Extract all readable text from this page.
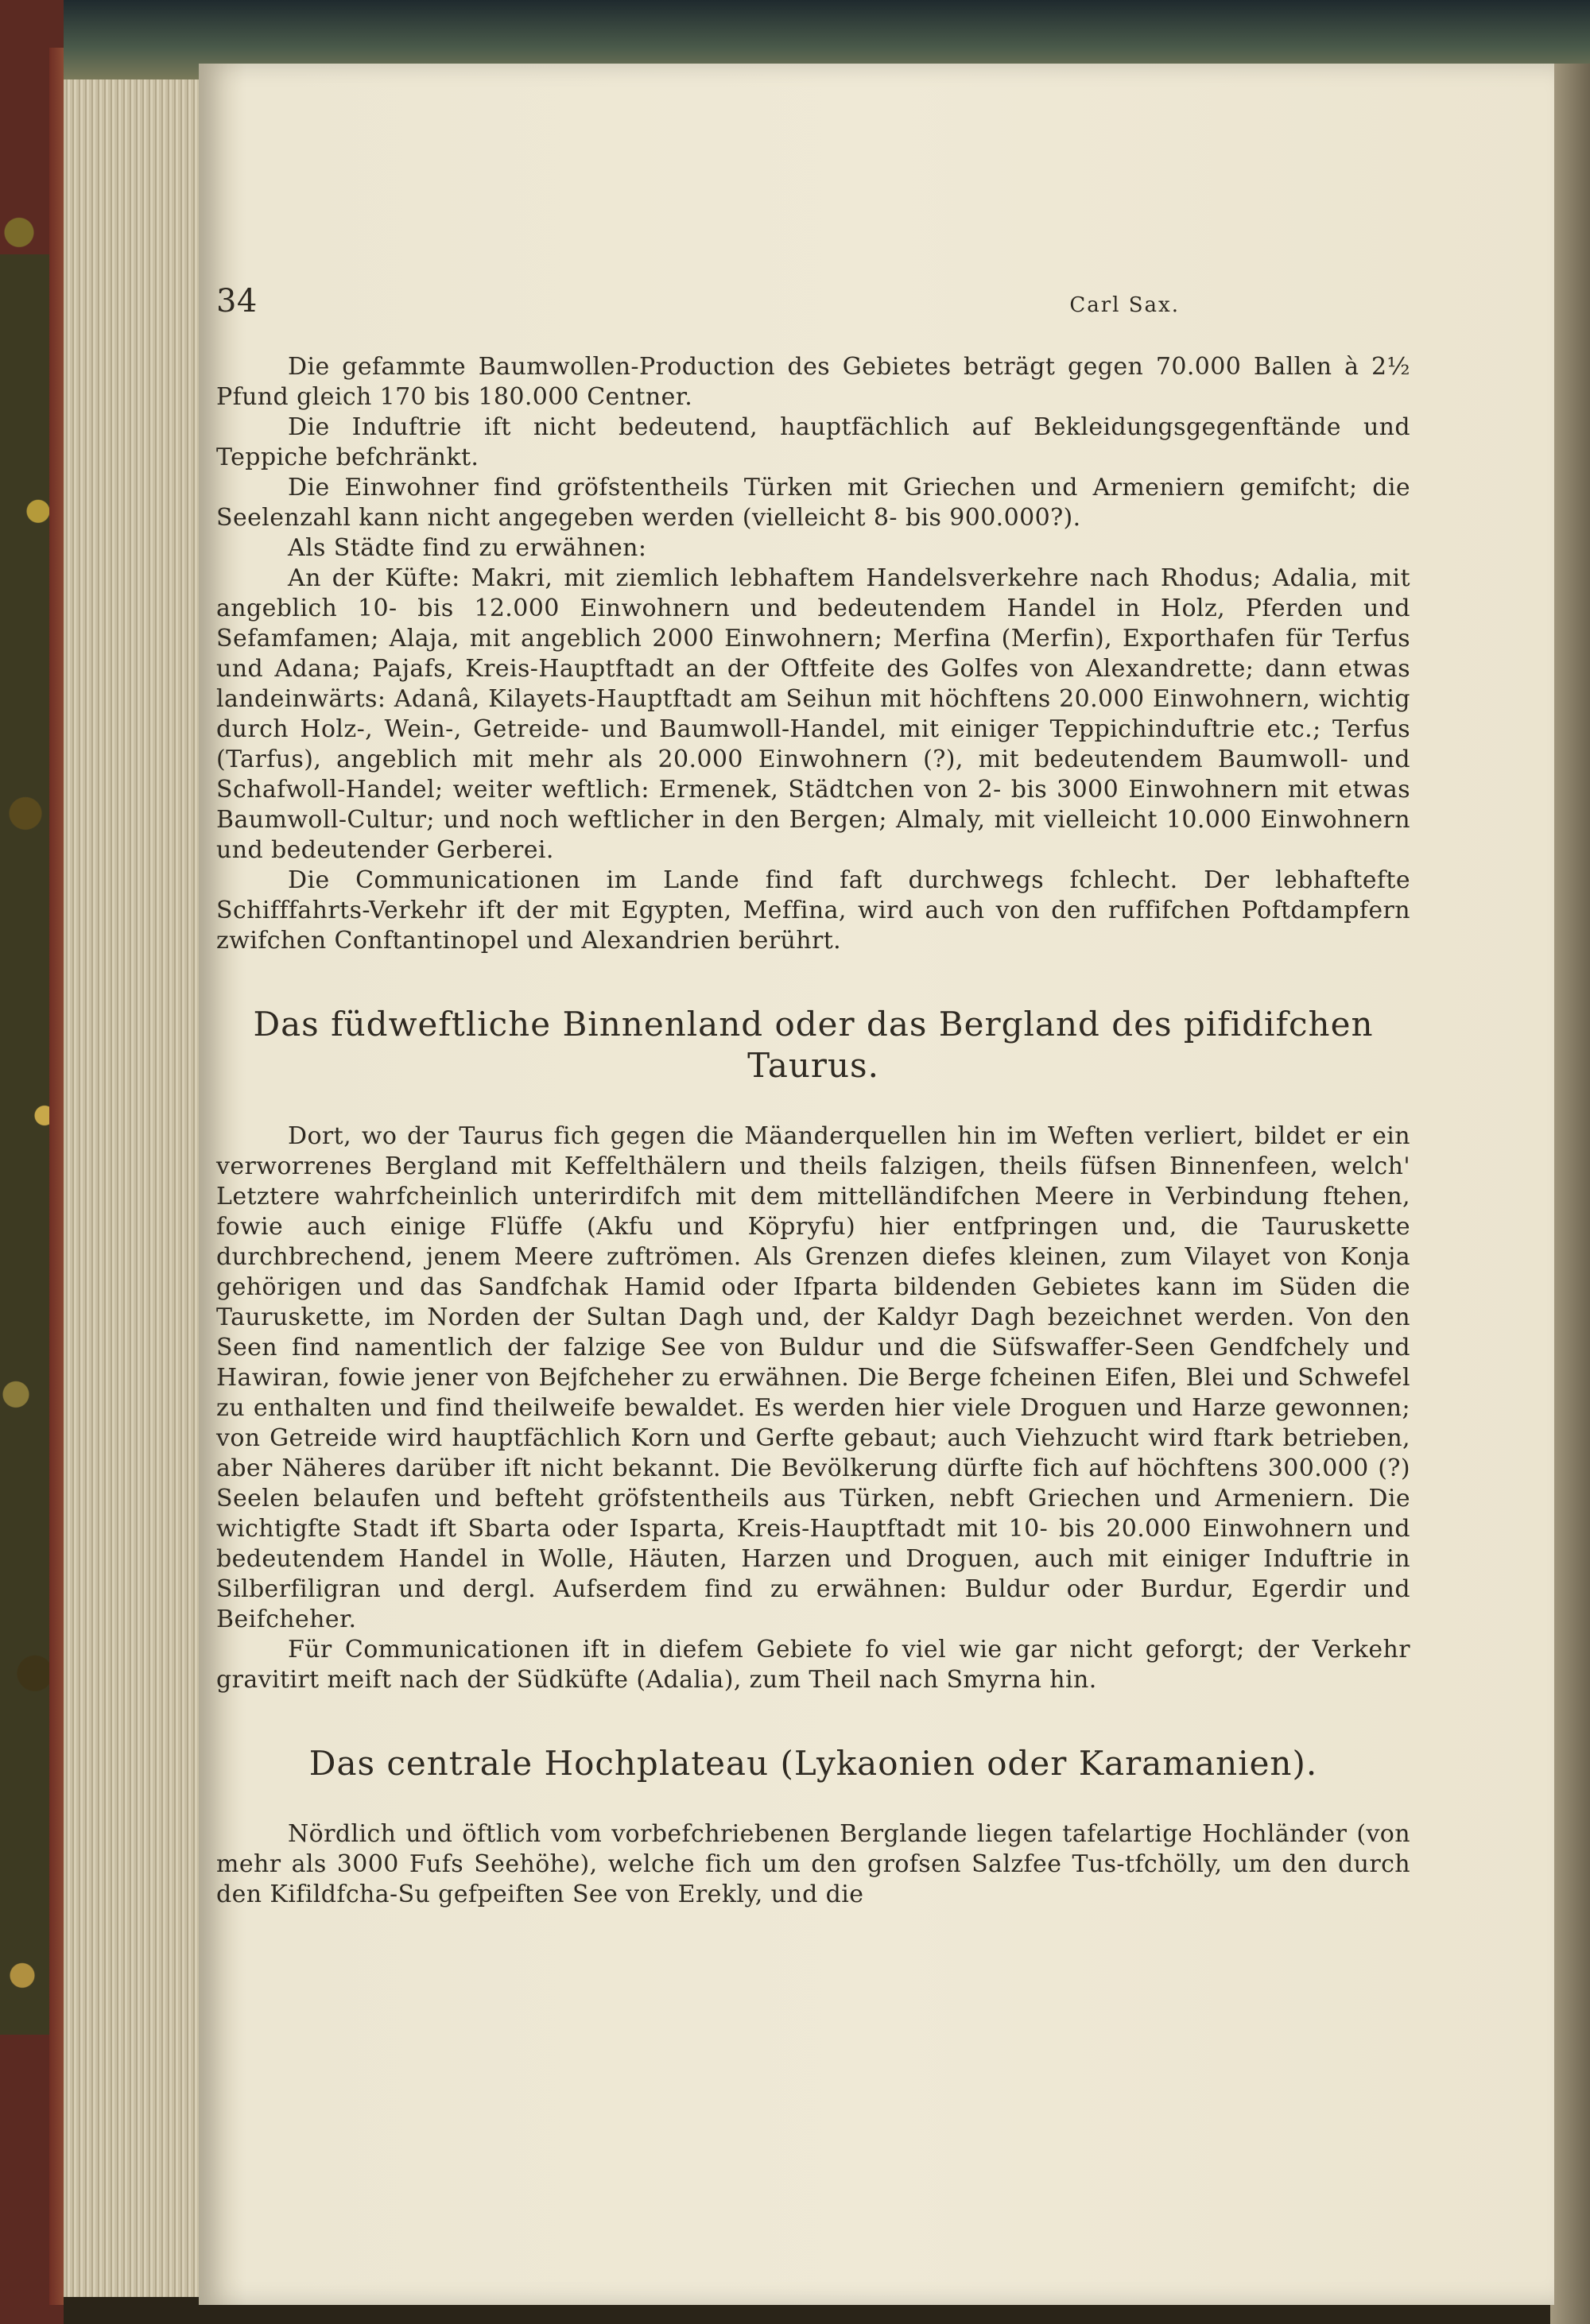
34	Carl Sax.

Die gefammte Baumwollen-Production des Gebietes beträgt gegen 70.000 Ballen à 2½ Pfund gleich 170 bis 180.000 Centner.

Die Induftrie ift nicht bedeutend, hauptfächlich auf Bekleidungsgegenftände und Teppiche befchränkt.

Die Einwohner find gröfstentheils Türken mit Griechen und Armeniern gemifcht; die Seelenzahl kann nicht angegeben werden (vielleicht 8- bis 900.000?).

Als Städte find zu erwähnen:

An der Küfte: Makri, mit ziemlich lebhaftem Handelsverkehre nach Rhodus; Adalia, mit angeblich 10- bis 12.000 Einwohnern und bedeutendem Handel in Holz, Pferden und Sefamfamen; Alaja, mit angeblich 2000 Einwohnern; Merfina (Merfin), Exporthafen für Terfus und Adana; Pajafs, Kreis-Hauptftadt an der Oftfeite des Golfes von Alexandrette; dann etwas landeinwärts: Adanâ, Kilayets-Hauptftadt am Seihun mit höchftens 20.000 Einwohnern, wichtig durch Holz-, Wein-, Getreide- und Baumwoll-Handel, mit einiger Teppichinduftrie etc.; Terfus (Tarfus), angeblich mit mehr als 20.000 Einwohnern (?), mit bedeutendem Baumwoll- und Schafwoll-Handel; weiter weftlich: Ermenek, Städtchen von 2- bis 3000 Einwohnern mit etwas Baumwoll-Cultur; und noch weftlicher in den Bergen; Almaly, mit vielleicht 10.000 Einwohnern und bedeutender Gerberei.

Die Communicationen im Lande find faft durchwegs fchlecht. Der lebhaftefte Schifffahrts-Verkehr ift der mit Egypten, Meffina, wird auch von den ruffifchen Poftdampfern zwifchen Conftantinopel und Alexandrien berührt.

Das füdweftliche Binnenland oder das Bergland des pifidifchen Taurus.

Dort, wo der Taurus fich gegen die Mäanderquellen hin im Weften verliert, bildet er ein verworrenes Bergland mit Keffelthälern und theils falzigen, theils füfsen Binnenfeen, welch' Letztere wahrfcheinlich unterirdifch mit dem mittelländifchen Meere in Verbindung ftehen, fowie auch einige Flüffe (Akfu und Köpryfu) hier entfpringen und, die Tauruskette durchbrechend, jenem Meere zuftrömen. Als Grenzen diefes kleinen, zum Vilayet von Konja gehörigen und das Sandfchak Hamid oder Ifparta bildenden Gebietes kann im Süden die Tauruskette, im Norden der Sultan Dagh und, der Kaldyr Dagh bezeichnet werden. Von den Seen find namentlich der falzige See von Buldur und die Süfswaffer-Seen Gendfchely und Hawiran, fowie jener von Bejfcheher zu erwähnen. Die Berge fcheinen Eifen, Blei und Schwefel zu enthalten und find theilweife bewaldet. Es werden hier viele Droguen und Harze gewonnen; von Getreide wird hauptfächlich Korn und Gerfte gebaut; auch Viehzucht wird ftark betrieben, aber Näheres darüber ift nicht bekannt. Die Bevölkerung dürfte fich auf höchftens 300.000 (?) Seelen belaufen und befteht gröfstentheils aus Türken, nebft Griechen und Armeniern. Die wichtigfte Stadt ift Sbarta oder Isparta, Kreis-Hauptftadt mit 10- bis 20.000 Einwohnern und bedeutendem Handel in Wolle, Häuten, Harzen und Droguen, auch mit einiger Induftrie in Silberfiligran und dergl. Aufserdem find zu erwähnen: Buldur oder Burdur, Egerdir und Beifcheher.

Für Communicationen ift in diefem Gebiete fo viel wie gar nicht geforgt; der Verkehr gravitirt meift nach der Südküfte (Adalia), zum Theil nach Smyrna hin.

Das centrale Hochplateau (Lykaonien oder Karamanien).

Nördlich und öftlich vom vorbefchriebenen Berglande liegen tafelartige Hochländer (von mehr als 3000 Fufs Seehöhe), welche fich um den grofsen Salzfee Tus-tfchölly, um den durch den Kifildfcha-Su gefpeiften See von Erekly, und die
